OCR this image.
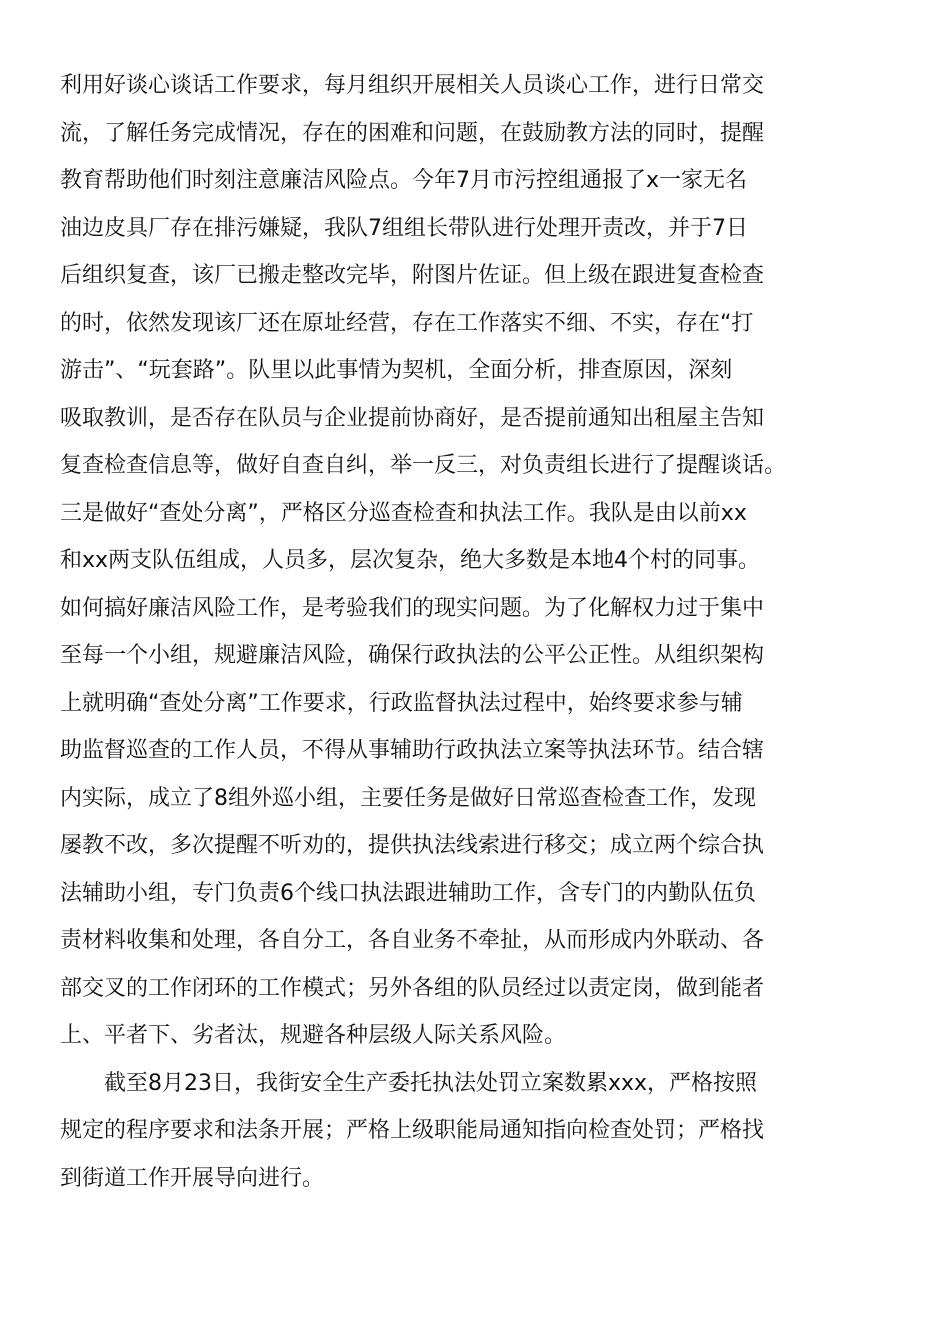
利用好谈心谈话工作要求，每月组织开展相关人员谈心工作，进行日常交
流，了解任务完成情况，存在的困难和问题，在鼓励教方法的同时，提醒
教育帮助他们时刻注意廉洁风险点。今年7月市污控组通报了x一家无名
油边皮具厂存在排污嫌疑，我队7组组长带队进行处理开责改，并于7日
后组织复查，该厂已搬走整改完毕，附图片佐证。但上级在跟进复查检查
的时，依然发现该厂还在原址经营，存在工作落实不细、不实，存在“打
游击”、“玩套路”。队里以此事情为契机，全面分析，排查原因，深刻
吸取教训，是否存在队员与企业提前协商好，是否提前通知出租屋主告知
复查检查信息等，做好自查自纠，举一反三，对负责组长进行了提醒谈话。
三是做好“查处分离”，严格区分巡查检查和执法工作。我队是由以前xx
和xx两支队伍组成，人员多，层次复杂，绝大多数是本地4个村的同事。
如何搞好廉洁风险工作，是考验我们的现实问题。为了化解权力过于集中
至每一个小组，规避廉洁风险，确保行政执法的公平公正性。从组织架构
上就明确“查处分离”工作要求，行政监督执法过程中，始终要求参与辅
助监督巡查的工作人员，不得从事辅助行政执法立案等执法环节。结合辖
内实际，成立了8组外巡小组，主要任务是做好日常巡查检查工作，发现
屡教不改，多次提醒不听劝的，提供执法线索进行移交；成立两个综合执
法辅助小组，专门负责6个线口执法跟进辅助工作，含专门的内勤队伍负
责材料收集和处理，各自分工，各自业务不牵扯，从而形成内外联动、各
部交叉的工作闭环的工作模式；另外各组的队员经过以责定岗，做到能者
上、平者下、劣者汰，规避各种层级人际关系风险。
　　截至8月23日，我街安全生产委托执法处罚立案数累xxx，严格按照
规定的程序要求和法条开展；严格上级职能局通知指向检查处罚；严格找
到街道工作开展导向进行。
